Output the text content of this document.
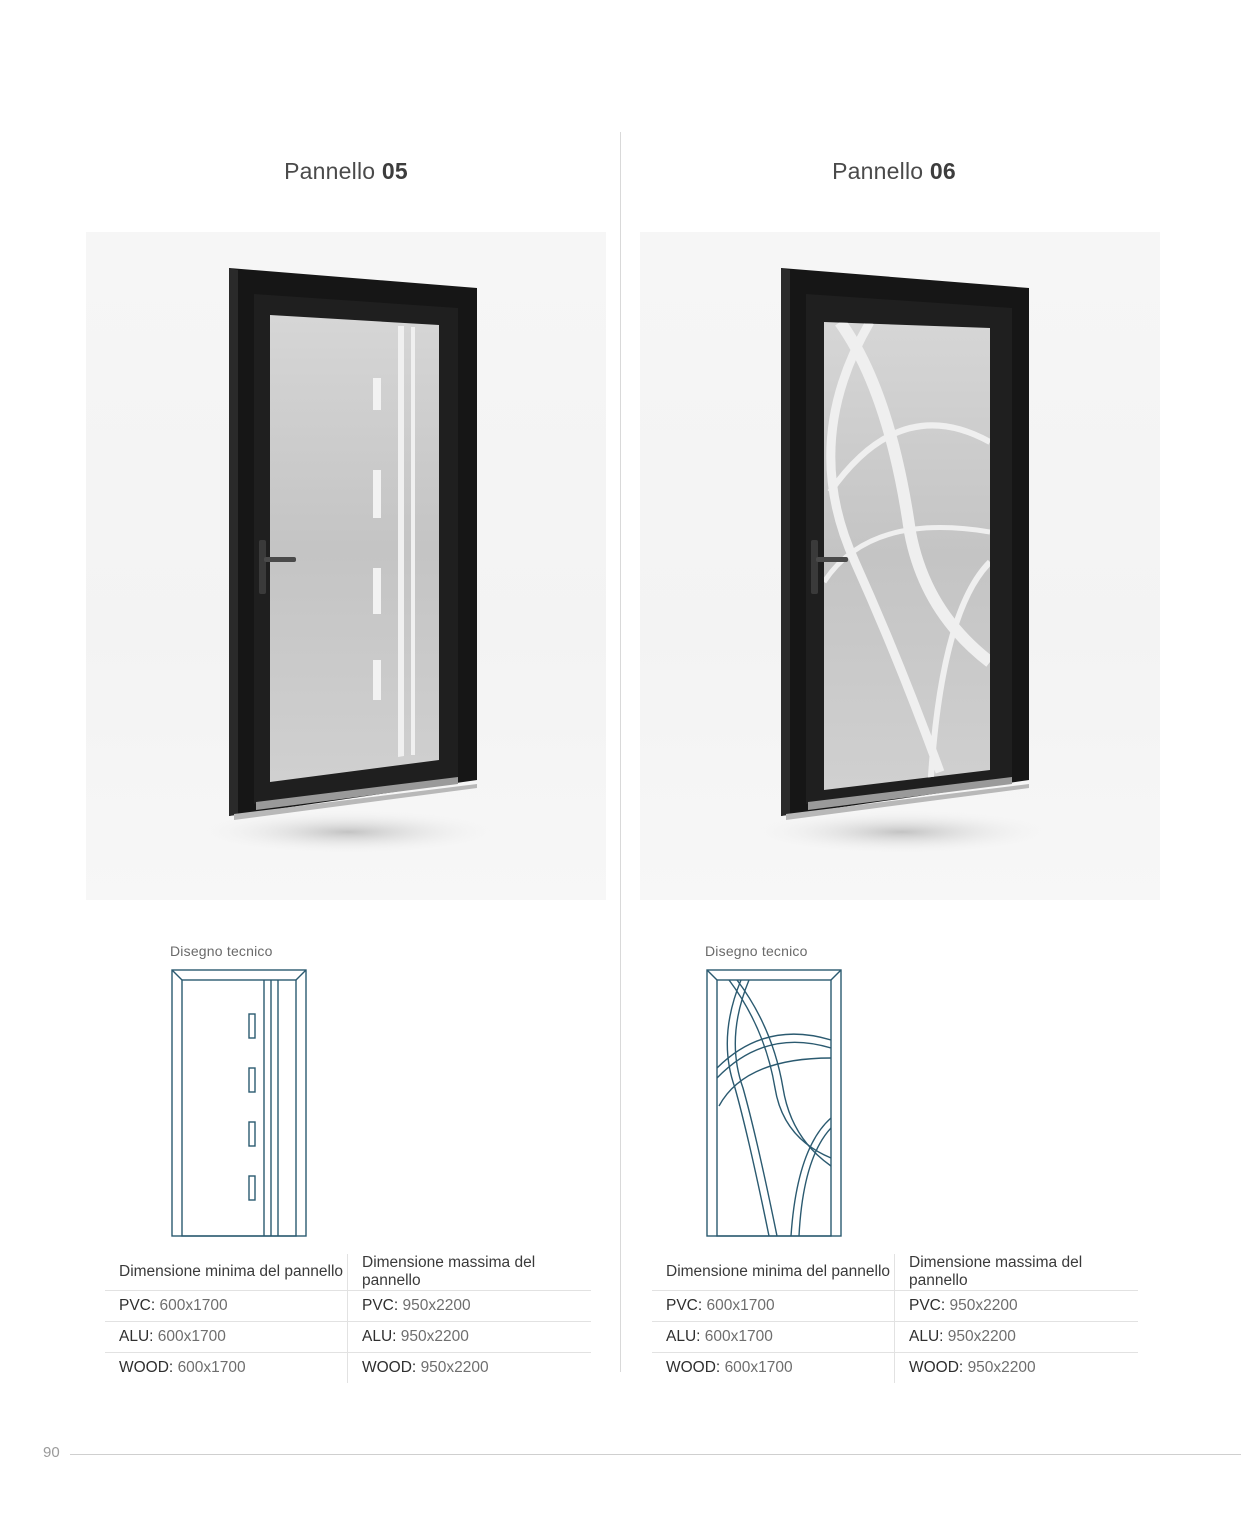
Pannello 05
Disegno tecnico
Dimensione minima del pannello	Dimensione massima del pannello
PVC: 600x1700	PVC: 950x2200
ALU: 600x1700	ALU: 950x2200
WOOD: 600x1700	WOOD: 950x2200
Pannello 06
Disegno tecnico
Dimensione minima del pannello	Dimensione massima del pannello
PVC: 600x1700	PVC: 950x2200
ALU: 600x1700	ALU: 950x2200
WOOD: 600x1700	WOOD: 950x2200
90
